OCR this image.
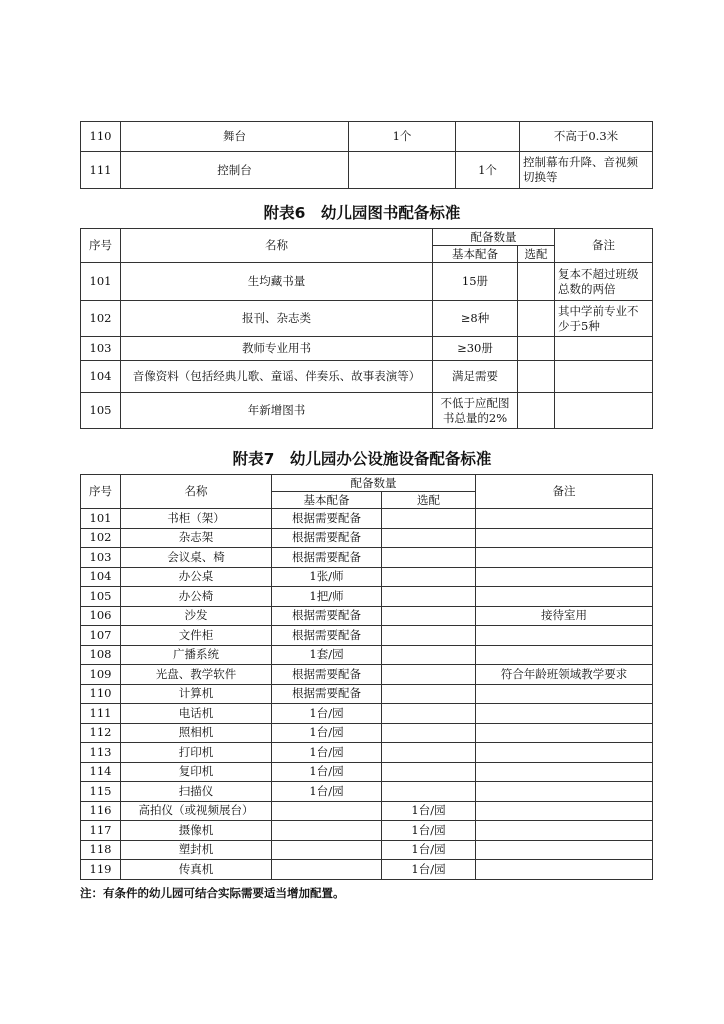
110	舞台	1个		不高于0.3米
111	控制台		1个	控制幕布升降、音视频切换等
附表6　幼儿园图书配备标准
序号	名称	配备数量		备注
		基本配备	选配	
101	生均藏书量	15册		复本不超过班级总数的两倍
102	报刊、杂志类	≥8种		其中学前专业不少于5种
103	教师专业用书	≥30册		
104	音像资料（包括经典儿歌、童谣、伴奏乐、故事表演等）	满足需要		
105	年新增图书	不低于应配图书总量的2%		
附表7　幼儿园办公设施设备配备标准
序号	名称	配备数量		备注
		基本配备	选配	
101	书柜（架）	根据需要配备		
102	杂志架	根据需要配备		
103	会议桌、椅	根据需要配备		
104	办公桌	1张/师		
105	办公椅	1把/师		
106	沙发	根据需要配备		接待室用
107	文件柜	根据需要配备		
108	广播系统	1套/园		
109	光盘、教学软件	根据需要配备		符合年龄班领域教学要求
110	计算机	根据需要配备		
111	电话机	1台/园		
112	照相机	1台/园		
113	打印机	1台/园		
114	复印机	1台/园		
115	扫描仪	1台/园		
116	高拍仪（或视频展台）		1台/园	
117	摄像机		1台/园	
118	塑封机		1台/园	
119	传真机		1台/园	
注：有条件的幼儿园可结合实际需要适当增加配置。
